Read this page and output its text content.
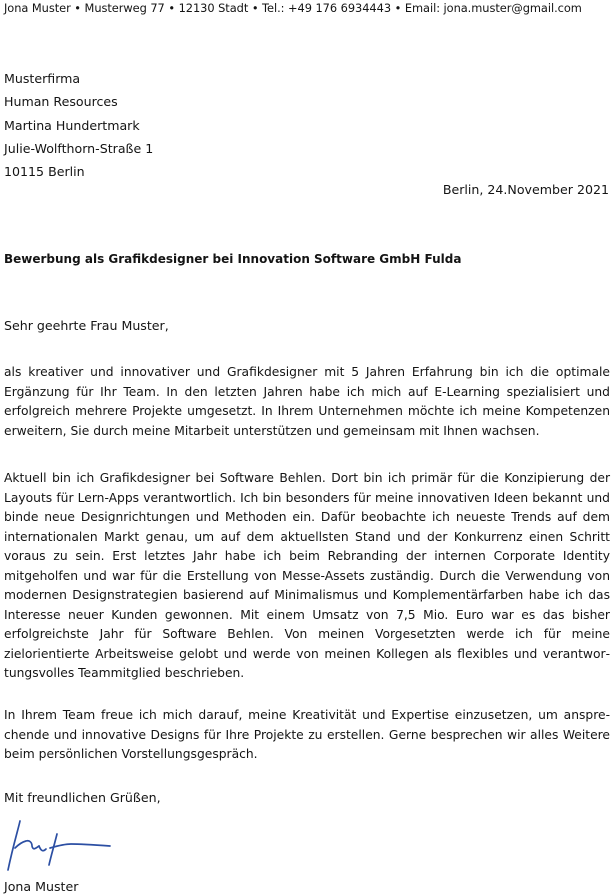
Jona Muster • Musterweg 77 • 12130 Stadt • Tel.: +49 176 6934443 • Email: jona.muster@gmail.com
Musterfirma
Human Resources
Martina Hundertmark
Julie-Wolfthorn-Straße 1
10115 Berlin
Berlin, 24.November 2021
Bewerbung als Grafikdesigner bei Innovation Software GmbH Fulda
Sehr geehrte Frau Muster,
als kreativer und innovativer und Grafikdesigner mit 5 Jahren Erfahrung bin ich die optimale Ergänzung für Ihr Team. In den letzten Jahren habe ich mich auf E-Learning spezialisiert und erfolgreich mehrere Projekte umgesetzt. In Ihrem Unternehmen möchte ich meine Kompetenzen erweitern, Sie durch meine Mitarbeit unterstützen und gemeinsam mit Ihnen wachsen.
Aktuell bin ich Grafikdesigner bei Software Behlen. Dort bin ich primär für die Konzipierung der Layouts für Lern-Apps verantwortlich. Ich bin besonders für meine innovativen Ideen bekannt und binde neue Designrichtungen und Methoden ein. Dafür beobachte ich neueste Trends auf dem internationalen Markt genau, um auf dem aktuellsten Stand und der Konkurrenz einen Schritt voraus zu sein. Erst letztes Jahr habe ich beim Rebranding der internen Corporate Identity mitgeholfen und war für die Erstellung von Messe-Assets zuständig. Durch die Verwendung von modernen Designstrategien basierend auf Minimalismus und Komplementärfarben habe ich das Interesse neuer Kunden gewonnen. Mit einem Umsatz von 7,5 Mio. Euro war es das bisher erfolgreichste Jahr für Software Behlen. Von meinen Vorgesetzten werde ich für meine zielorientierte Arbeitsweise gelobt und werde von meinen Kollegen als flexibles und verantwortungsvolles Teammitglied beschrieben.
In Ihrem Team freue ich mich darauf, meine Kreativität und Expertise einzusetzen, um ansprechende und innovative Designs für Ihre Projekte zu erstellen. Gerne besprechen wir alles Weitere beim persönlichen Vorstellungsgespräch.
Mit freundlichen Grüßen,
Jona Muster
